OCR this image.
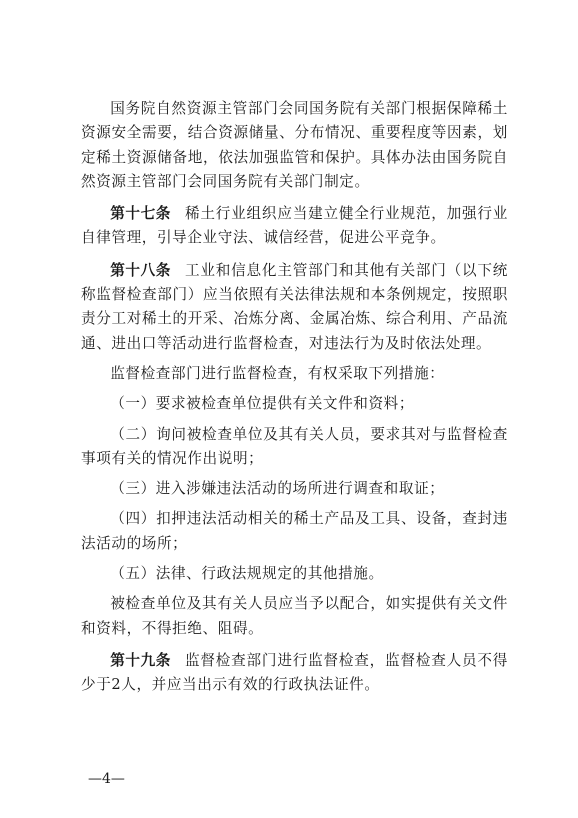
国务院自然资源主管部门会同国务院有关部门根据保障稀土资源安全需要，结合资源储量、分布情况、重要程度等因素，划定稀土资源储备地，依法加强监管和保护。具体办法由国务院自然资源主管部门会同国务院有关部门制定。

第十七条 稀土行业组织应当建立健全行业规范，加强行业自律管理，引导企业守法、诚信经营，促进公平竞争。

第十八条 工业和信息化主管部门和其他有关部门（以下统称监督检查部门）应当依照有关法律法规和本条例规定，按照职责分工对稀土的开采、冶炼分离、金属冶炼、综合利用、产品流通、进出口等活动进行监督检查，对违法行为及时依法处理。

监督检查部门进行监督检查，有权采取下列措施：

（一）要求被检查单位提供有关文件和资料；

（二）询问被检查单位及其有关人员，要求其对与监督检查事项有关的情况作出说明；

（三）进入涉嫌违法活动的场所进行调查和取证；

（四）扣押违法活动相关的稀土产品及工具、设备，查封违法活动的场所；

（五）法律、行政法规规定的其他措施。

被检查单位及其有关人员应当予以配合，如实提供有关文件和资料，不得拒绝、阻碍。

第十九条 监督检查部门进行监督检查，监督检查人员不得少于2人，并应当出示有效的行政执法证件。

—4—
